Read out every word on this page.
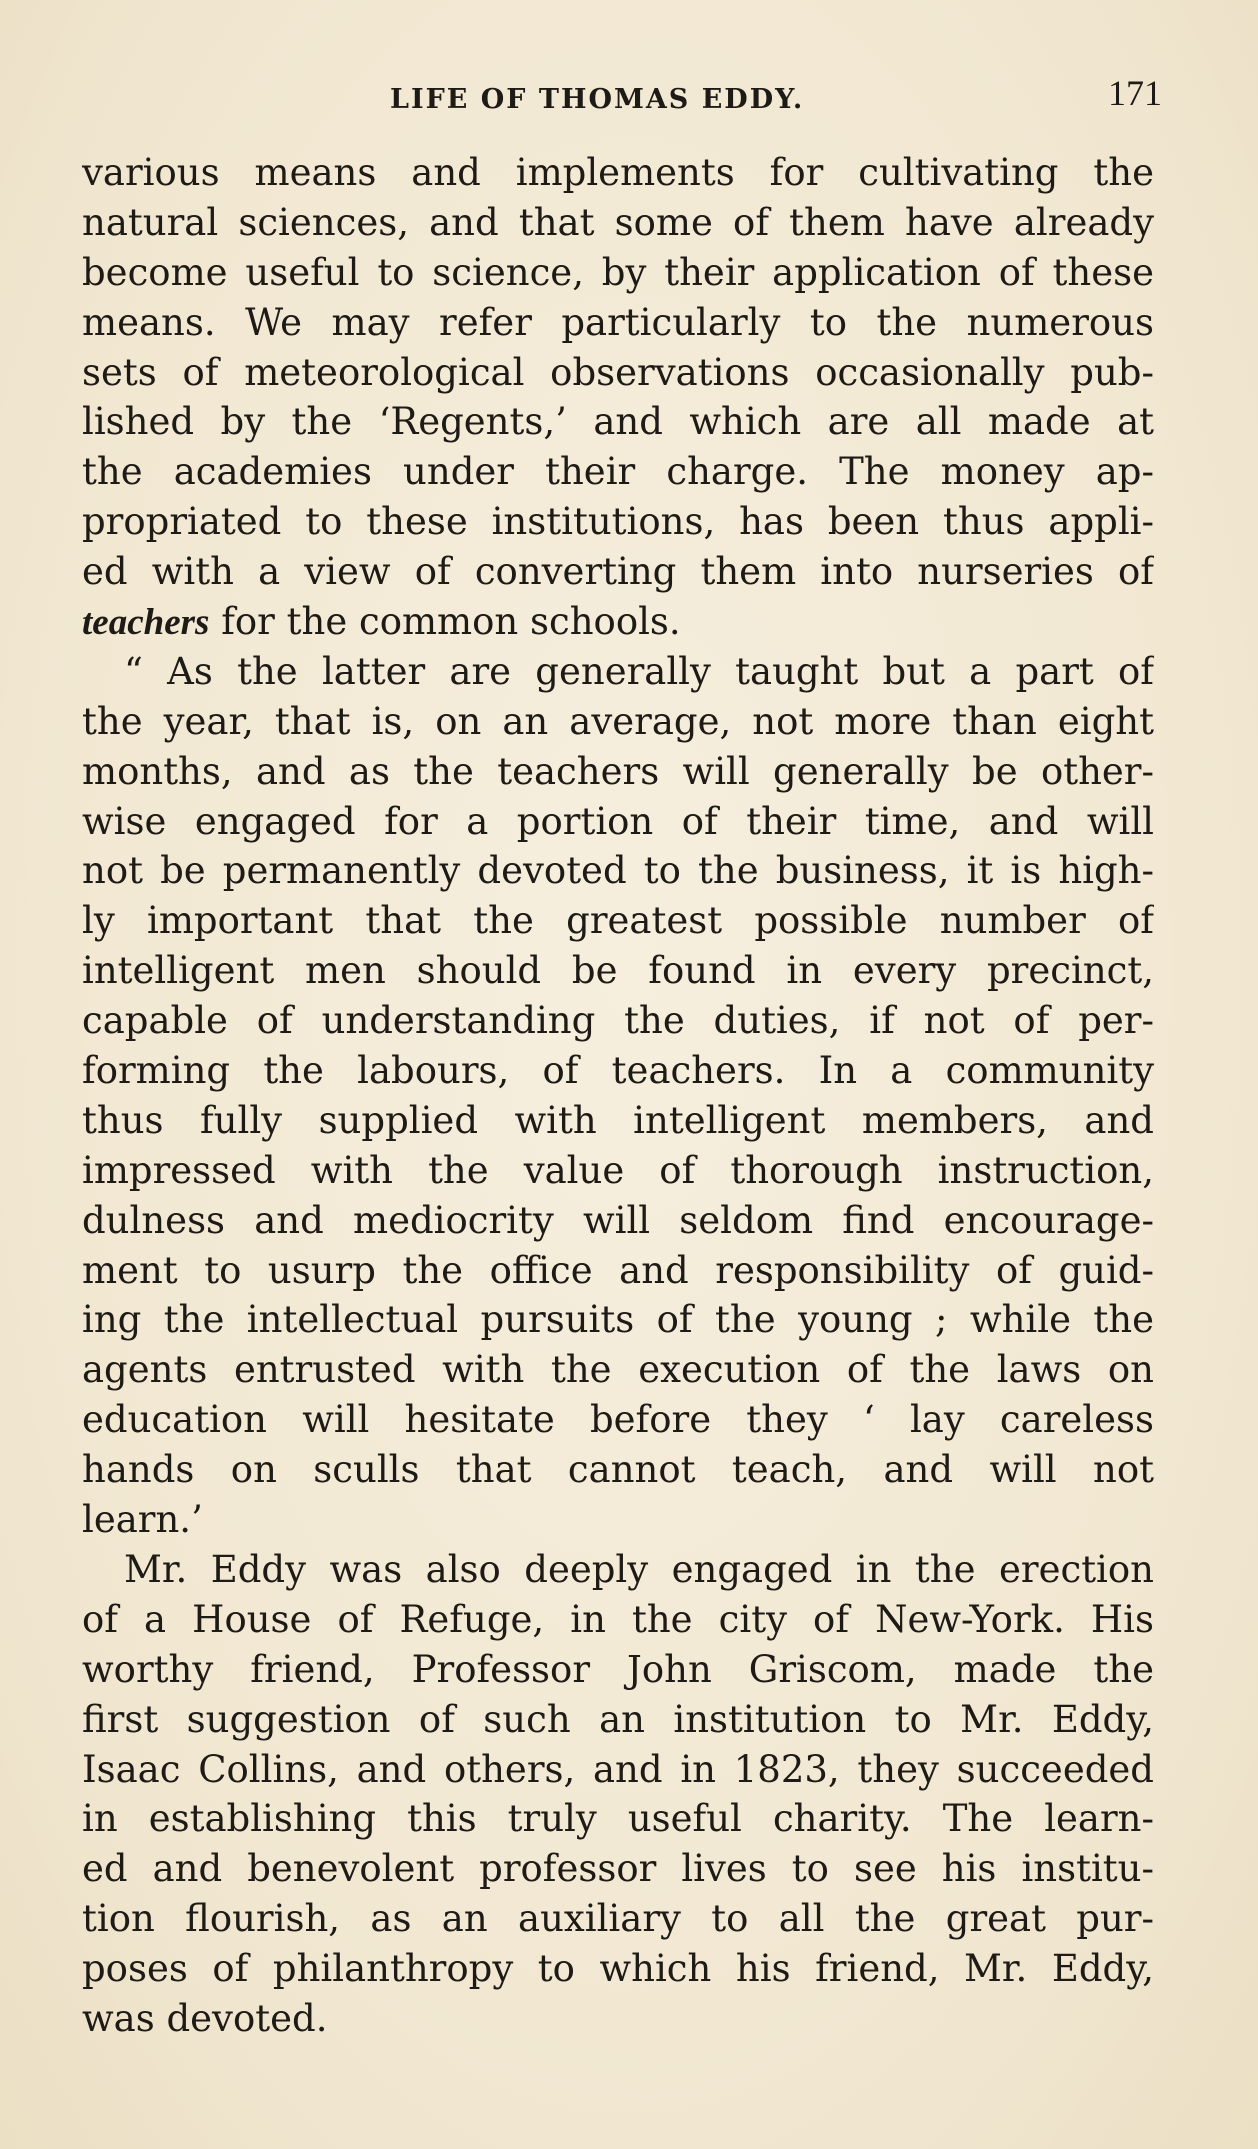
LIFE OF THOMAS EDDY.	171
various means and implements for cultivating the
natural sciences, and that some of them have already
become useful to science, by their application of these
means. We may refer particularly to the numerous
sets of meteorological observations occasionally pub-
lished by the ‘Regents,’ and which are all made at
the academies under their charge. The money ap-
propriated to these institutions, has been thus appli-
ed with a view of converting them into nurseries of
teachers for the common schools.
“ As the latter are generally taught but a part of
the year, that is, on an average, not more than eight
months, and as the teachers will generally be other-
wise engaged for a portion of their time, and will
not be permanently devoted to the business, it is high-
ly important that the greatest possible number of
intelligent men should be found in every precinct,
capable of understanding the duties, if not of per-
forming the labours, of teachers. In a community
thus fully supplied with intelligent members, and
impressed with the value of thorough instruction,
dulness and mediocrity will seldom find encourage-
ment to usurp the office and responsibility of guid-
ing the intellectual pursuits of the young ; while the
agents entrusted with the execution of the laws on
education will hesitate before they ‘ lay careless
hands on sculls that cannot teach, and will not
learn.’
Mr. Eddy was also deeply engaged in the erection
of a House of Refuge, in the city of New-York. His
worthy friend, Professor John Griscom, made the
first suggestion of such an institution to Mr. Eddy,
Isaac Collins, and others, and in 1823, they succeeded
in establishing this truly useful charity. The learn-
ed and benevolent professor lives to see his institu-
tion flourish, as an auxiliary to all the great pur-
poses of philanthropy to which his friend, Mr. Eddy,
was devoted.
